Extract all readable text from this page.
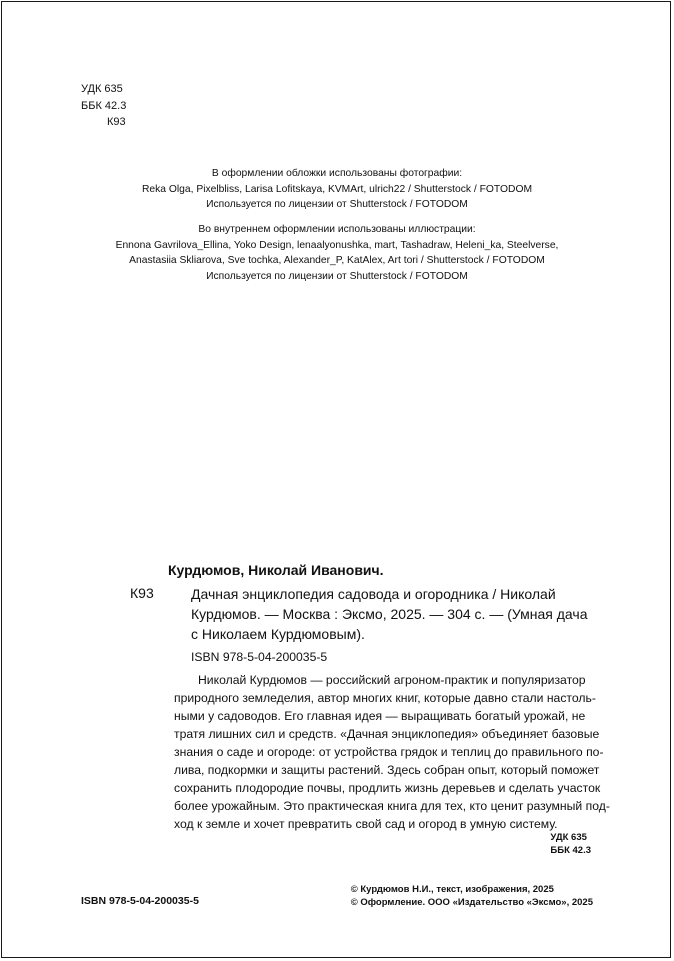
УДК 635
ББК 42.3
К93
В оформлении обложки использованы фотографии:
Reka Olga, Pixelbliss, Larisa Lofitskaya, KVMArt, ulrich22 / Shutterstock / FOTODOM
Используется по лицензии от Shutterstock / FOTODOM
Во внутреннем оформлении использованы иллюстрации:
Ennona Gavrilova_Ellina, Yoko Design, lenaalyonushka, mart, Tashadraw, Heleni_ka, Steelverse,
Anastasiia Skliarova, Sve tochka, Alexander_P, KatAlex, Art tori / Shutterstock / FOTODOM
Используется по лицензии от Shutterstock / FOTODOM
Курдюмов, Николай Иванович.
К93	Дачная энциклопедия садовода и огородника / Николай
Курдюмов. — Москва : Эксмо, 2025. — 304 с. — (Умная дача
с Николаем Курдюмовым).
ISBN 978-5-04-200035-5
Николай Курдюмов — российский агроном-практик и популяризатор
природного земледелия, автор многих книг, которые давно стали настоль-
ными у садоводов. Его главная идея — выращивать богатый урожай, не
тратя лишних сил и средств. «Дачная энциклопедия» объединяет базовые
знания о саде и огороде: от устройства грядок и теплиц до правильного по-
лива, подкормки и защиты растений. Здесь собран опыт, который поможет
сохранить плодородие почвы, продлить жизнь деревьев и сделать участок
более урожайным. Это практическая книга для тех, кто ценит разумный под-
ход к земле и хочет превратить свой сад и огород в умную систему.
УДК 635
ББК 42.3
ISBN 978-5-04-200035-5
© Курдюмов Н.И., текст, изображения, 2025
© Оформление. ООО «Издательство «Эксмо», 2025
